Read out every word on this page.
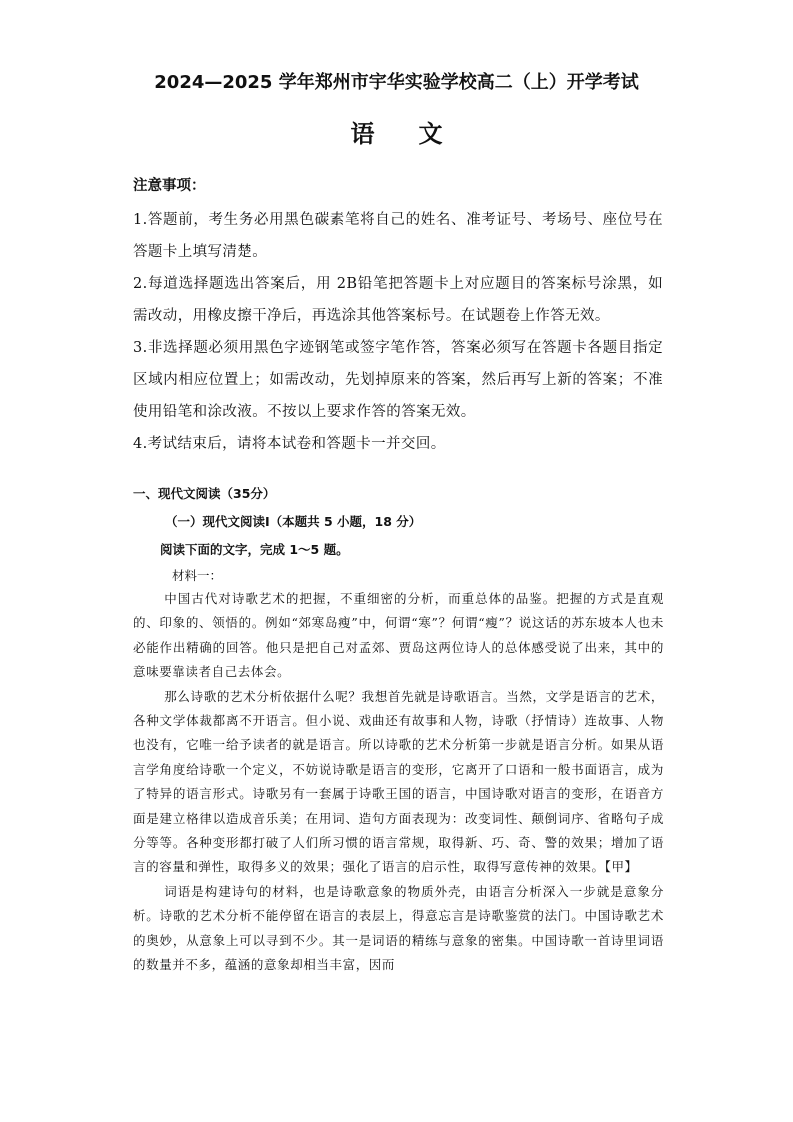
2024—2025 学年郑州市宇华实验学校高二（上）开学考试
语文
注意事项：

1.答题前，考生务必用黑色碳素笔将自己的姓名、准考证号、考场号、座位号在答题卡上填写清楚。

2.每道选择题选出答案后，用 2B铅笔把答题卡上对应题目的答案标号涂黑，如需改动，用橡皮擦干净后，再选涂其他答案标号。在试题卷上作答无效。

3.非选择题必须用黑色字迹钢笔或签字笔作答，答案必须写在答题卡各题目指定区域内相应位置上；如需改动，先划掉原来的答案，然后再写上新的答案；不准使用铅笔和涂改液。不按以上要求作答的答案无效。

4.考试结束后，请将本试卷和答题卡一并交回。

一、现代文阅读（35分）
（一）现代文阅读Ⅰ（本题共 5 小题，18 分）
阅读下面的文字，完成 1～5 题。
材料一：

中国古代对诗歌艺术的把握，不重细密的分析，而重总体的品鉴。把握的方式是直观的、印象的、领悟的。例如“郊寒岛瘦”中，何谓“寒”？何谓“瘦”？说这话的苏东坡本人也未必能作出精确的回答。他只是把自己对孟郊、贾岛这两位诗人的总体感受说了出来，其中的意味要靠读者自己去体会。

那么诗歌的艺术分析依据什么呢？我想首先就是诗歌语言。当然，文学是语言的艺术，各种文学体裁都离不开语言。但小说、戏曲还有故事和人物，诗歌（抒情诗）连故事、人物也没有，它唯一给予读者的就是语言。所以诗歌的艺术分析第一步就是语言分析。如果从语言学角度给诗歌一个定义，不妨说诗歌是语言的变形，它离开了口语和一般书面语言，成为了特异的语言形式。诗歌另有一套属于诗歌王国的语言，中国诗歌对语言的变形，在语音方面是建立格律以造成音乐美；在用词、造句方面表现为：改变词性、颠倒词序、省略句子成分等等。各种变形都打破了人们所习惯的语言常规，取得新、巧、奇、警的效果；增加了语言的容量和弹性，取得多义的效果；强化了语言的启示性，取得写意传神的效果。【甲】

词语是构建诗句的材料，也是诗歌意象的物质外壳，由语言分析深入一步就是意象分析。诗歌的艺术分析不能停留在语言的表层上，得意忘言是诗歌鉴赏的法门。中国诗歌艺术的奥妙，从意象上可以寻到不少。其一是词语的精练与意象的密集。中国诗歌一首诗里词语的数量并不多，蕴涵的意象却相当丰富，因而
